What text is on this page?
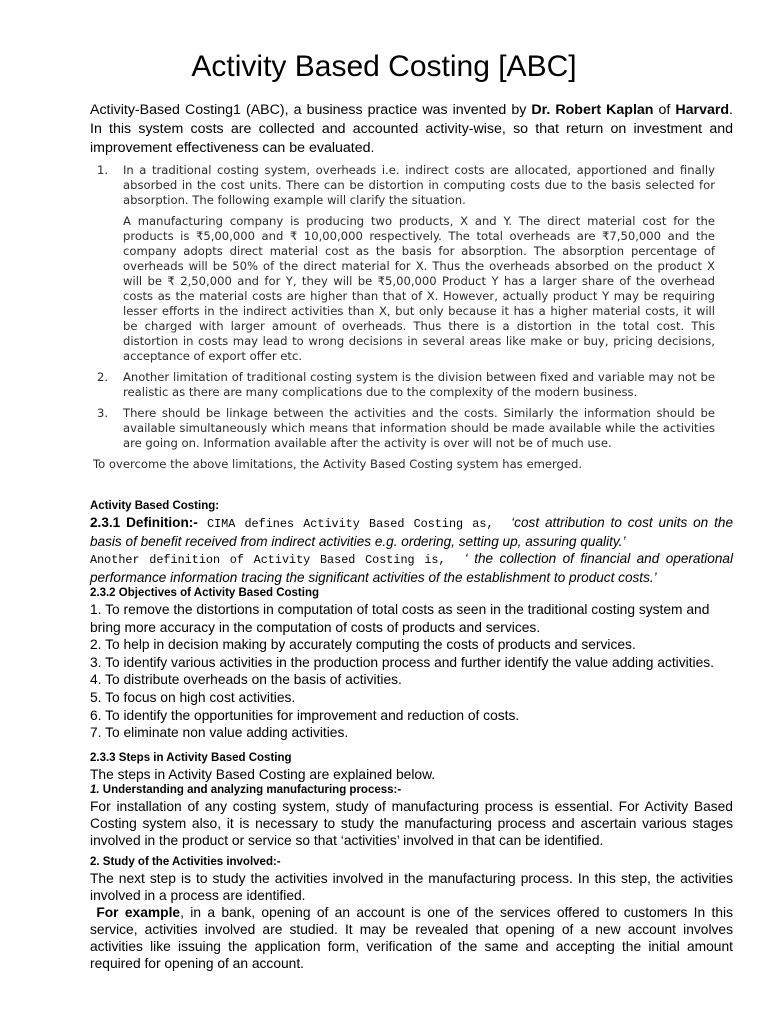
Activity Based Costing [ABC]
Activity-Based Costing1 (ABC), a business practice was invented by Dr. Robert Kaplan of Harvard. In this system costs are collected and accounted activity-wise, so that return on investment and improvement effectiveness can be evaluated.
1. In a traditional costing system, overheads i.e. indirect costs are allocated, apportioned and finally absorbed in the cost units. There can be distortion in computing costs due to the basis selected for absorption. The following example will clarify the situation.

A manufacturing company is producing two products, X and Y. The direct material cost for the products is ₹5,00,000 and ₹ 10,00,000 respectively. The total overheads are ₹7,50,000 and the company adopts direct material cost as the basis for absorption. The absorption percentage of overheads will be 50% of the direct material for X. Thus the overheads absorbed on the product X will be ₹ 2,50,000 and for Y, they will be ₹5,00,000 Product Y has a larger share of the overhead costs as the material costs are higher than that of X. However, actually product Y may be requiring lesser efforts in the indirect activities than X, but only because it has a higher material costs, it will be charged with larger amount of overheads. Thus there is a distortion in the total cost. This distortion in costs may lead to wrong decisions in several areas like make or buy, pricing decisions, acceptance of export offer etc.

2. Another limitation of traditional costing system is the division between fixed and variable may not be realistic as there are many complications due to the complexity of the modern business.

3. There should be linkage between the activities and the costs. Similarly the information should be available simultaneously which means that information should be made available while the activities are going on. Information available after the activity is over will not be of much use.

To overcome the above limitations, the Activity Based Costing system has emerged.

Activity Based Costing:

2.3.1 Definition:- CIMA defines Activity Based Costing as, ‘cost attribution to cost units on the basis of benefit received from indirect activities e.g. ordering, setting up, assuring quality.’

Another definition of Activity Based Costing is, ‘ the collection of financial and operational performance information tracing the significant activities of the establishment to product costs.’

2.3.2 Objectives of Activity Based Costing

1. To remove the distortions in computation of total costs as seen in the traditional costing system and bring more accuracy in the computation of costs of products and services.

2. To help in decision making by accurately computing the costs of products and services.

3. To identify various activities in the production process and further identify the value adding activities.

4. To distribute overheads on the basis of activities.

5. To focus on high cost activities.

6. To identify the opportunities for improvement and reduction of costs.

7. To eliminate non value adding activities.

2.3.3 Steps in Activity Based Costing

The steps in Activity Based Costing are explained below.

1. Understanding and analyzing manufacturing process:-

For installation of any costing system, study of manufacturing process is essential. For Activity Based Costing system also, it is necessary to study the manufacturing process and ascertain various stages involved in the product or service so that ‘activities’ involved in that can be identified.

2. Study of the Activities involved:-

The next step is to study the activities involved in the manufacturing process. In this step, the activities involved in a process are identified.

For example, in a bank, opening of an account is one of the services offered to customers In this service, activities involved are studied. It may be revealed that opening of a new account involves activities like issuing the application form, verification of the same and accepting the initial amount required for opening of an account.
